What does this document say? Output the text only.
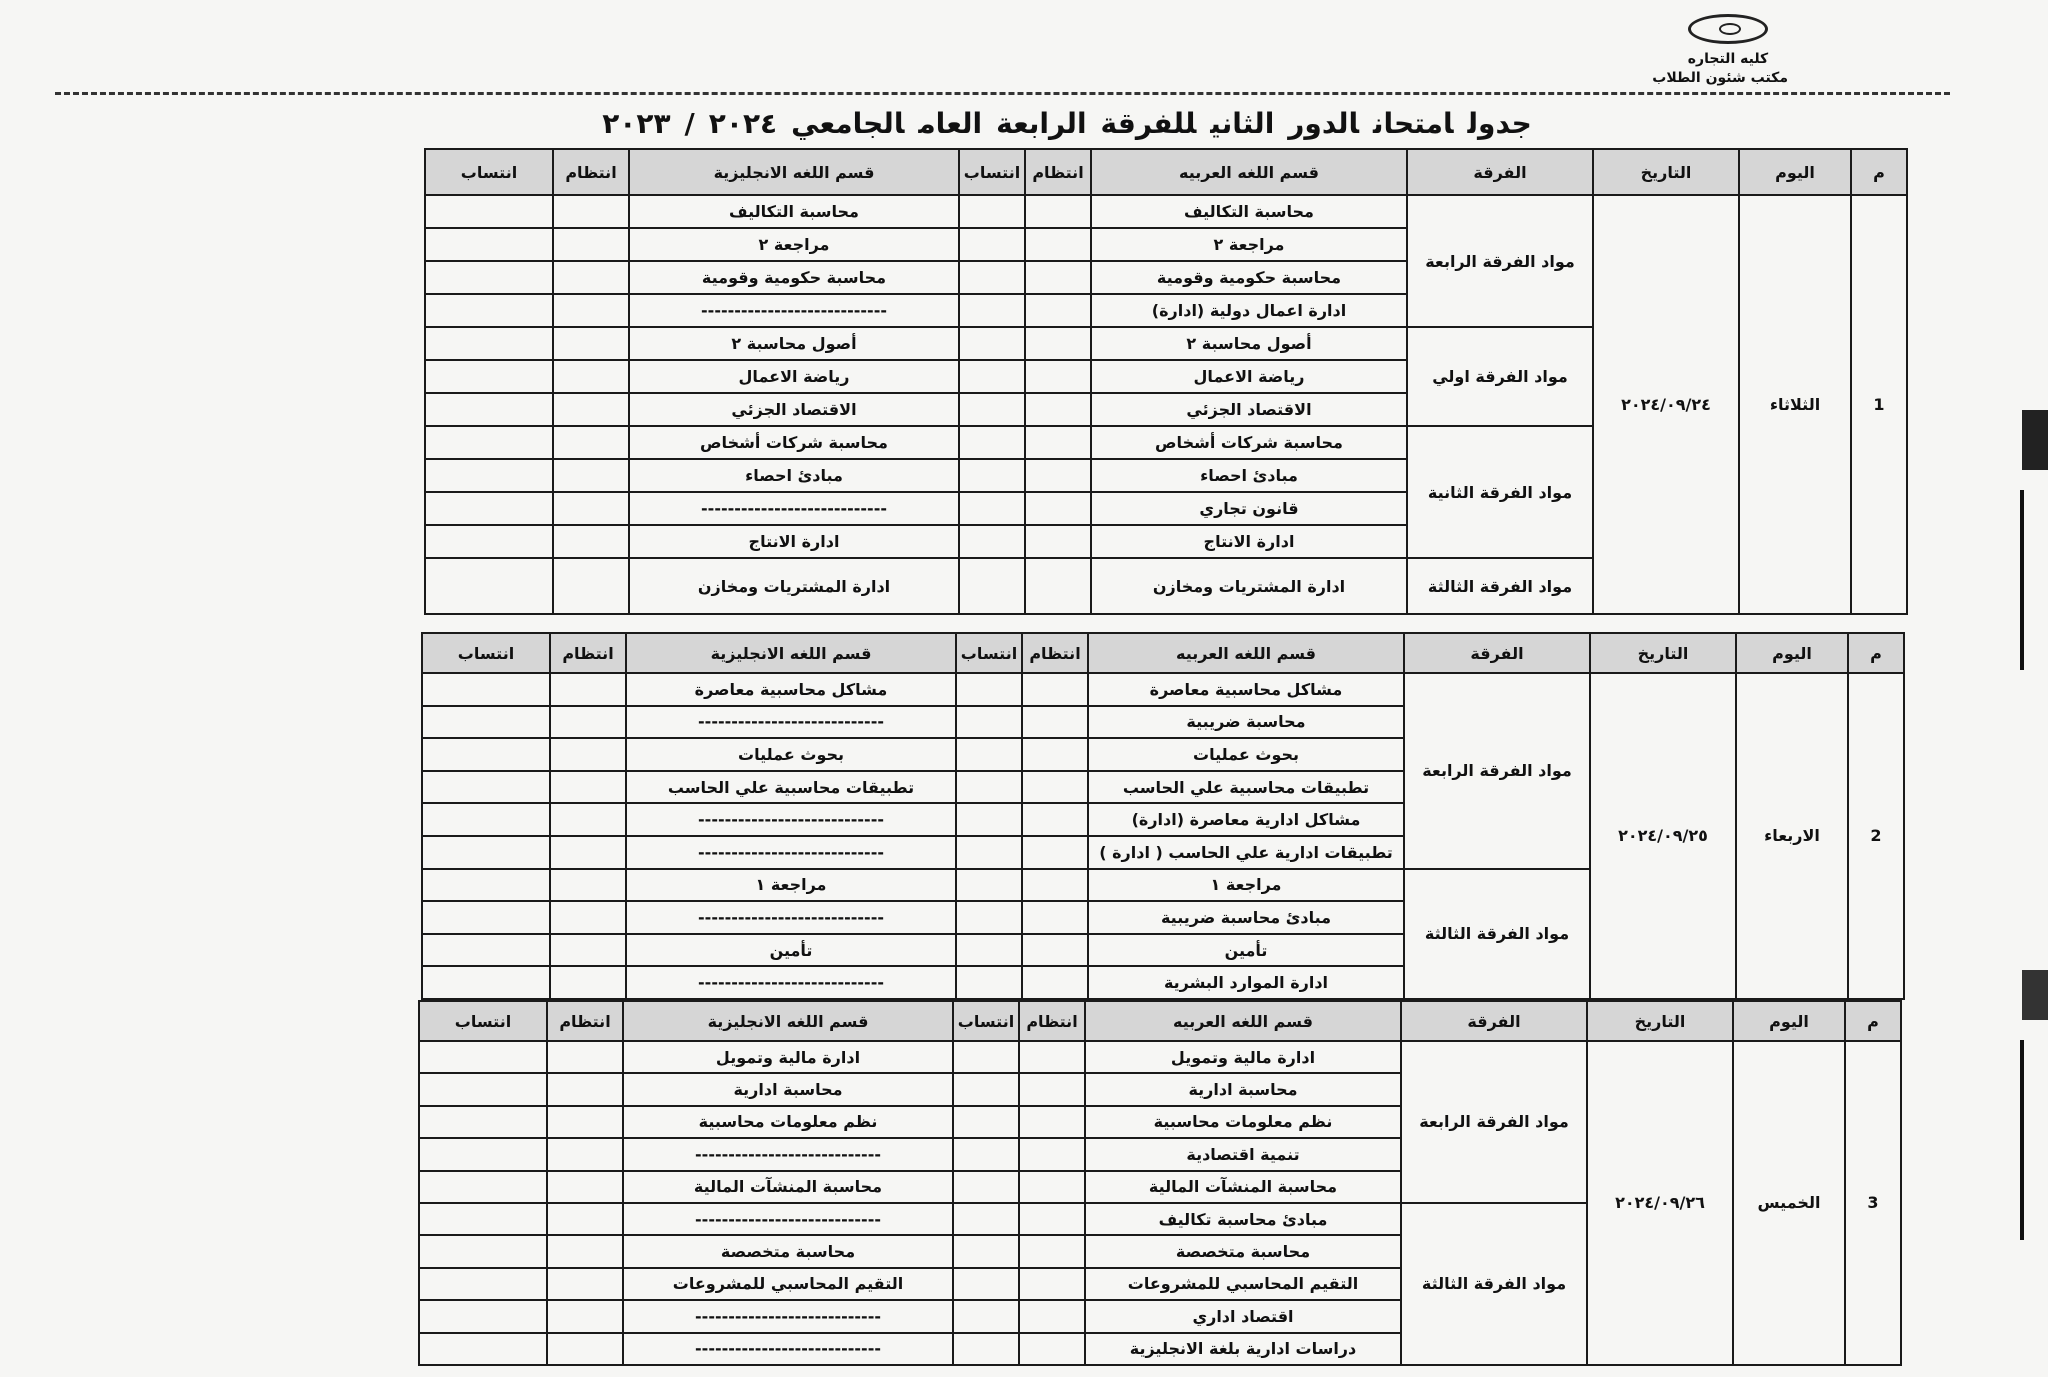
كليه التجاره
مكتب شئون الطلاب
جدولامتحانالدورالثانيللفرقةالرابعةالعامالجامعي٢٠٢٣ / ٢٠٢٤
م	اليوم	التاريخ	الفرقة	قسم اللغه العربيه	انتظام	انتساب	قسم اللغه الانجليزية	انتظام	انتساب
1	الثلاثاء	٢٠٢٤/٠٩/٢٤	مواد الفرقة الرابعة	محاسبة التكاليف			محاسبة التكاليف		
				مراجعة ٢			مراجعة ٢		
				محاسبة حكومية وقومية			محاسبة حكومية وقومية		
				ادارة اعمال دولية (ادارة)			----------------------------		
			مواد الفرقة اولي	أصول محاسبة ٢			أصول محاسبة ٢		
				رياضة الاعمال			رياضة الاعمال		
				الاقتصاد الجزئي			الاقتصاد الجزئي		
			مواد الفرقة الثانية	محاسبة شركات أشخاص			محاسبة شركات أشخاص		
				مبادئ احصاء			مبادئ احصاء		
				قانون تجاري			----------------------------		
				ادارة الانتاج			ادارة الانتاج		
			مواد الفرقة الثالثة	ادارة المشتريات ومخازن			ادارة المشتريات ومخازن		
م	اليوم	التاريخ	الفرقة	قسم اللغه العربيه	انتظام	انتساب	قسم اللغه الانجليزية	انتظام	انتساب
2	الاربعاء	٢٠٢٤/٠٩/٢٥	مواد الفرقة الرابعة	مشاكل محاسبية معاصرة			مشاكل محاسبية معاصرة		
				محاسبة ضريبية			----------------------------		
				بحوث عمليات			بحوث عمليات		
				تطبيقات محاسبية علي الحاسب			تطبيقات محاسبية علي الحاسب		
				مشاكل ادارية معاصرة (ادارة)			----------------------------		
				تطبيقات ادارية علي الحاسب ( ادارة )			----------------------------		
			مواد الفرقة الثالثة	مراجعة ١			مراجعة ١		
				مبادئ محاسبة ضريبية			----------------------------		
				تأمين			تأمين		
				ادارة الموارد البشرية			----------------------------		
م	اليوم	التاريخ	الفرقة	قسم اللغه العربيه	انتظام	انتساب	قسم اللغه الانجليزية	انتظام	انتساب
3	الخميس	٢٠٢٤/٠٩/٢٦	مواد الفرقة الرابعة	ادارة مالية وتمويل			ادارة مالية وتمويل		
				محاسبة ادارية			محاسبة ادارية		
				نظم معلومات محاسبية			نظم معلومات محاسبية		
				تنمية اقتصادية			----------------------------		
				محاسبة المنشآت المالية			محاسبة المنشآت المالية		
			مواد الفرقة الثالثة	مبادئ محاسبة تكاليف			----------------------------		
				محاسبة متخصصة			محاسبة متخصصة		
				التقيم المحاسبي للمشروعات			التقيم المحاسبي للمشروعات		
				اقتصاد اداري			----------------------------		
				دراسات ادارية بلغة الانجليزية			----------------------------		
